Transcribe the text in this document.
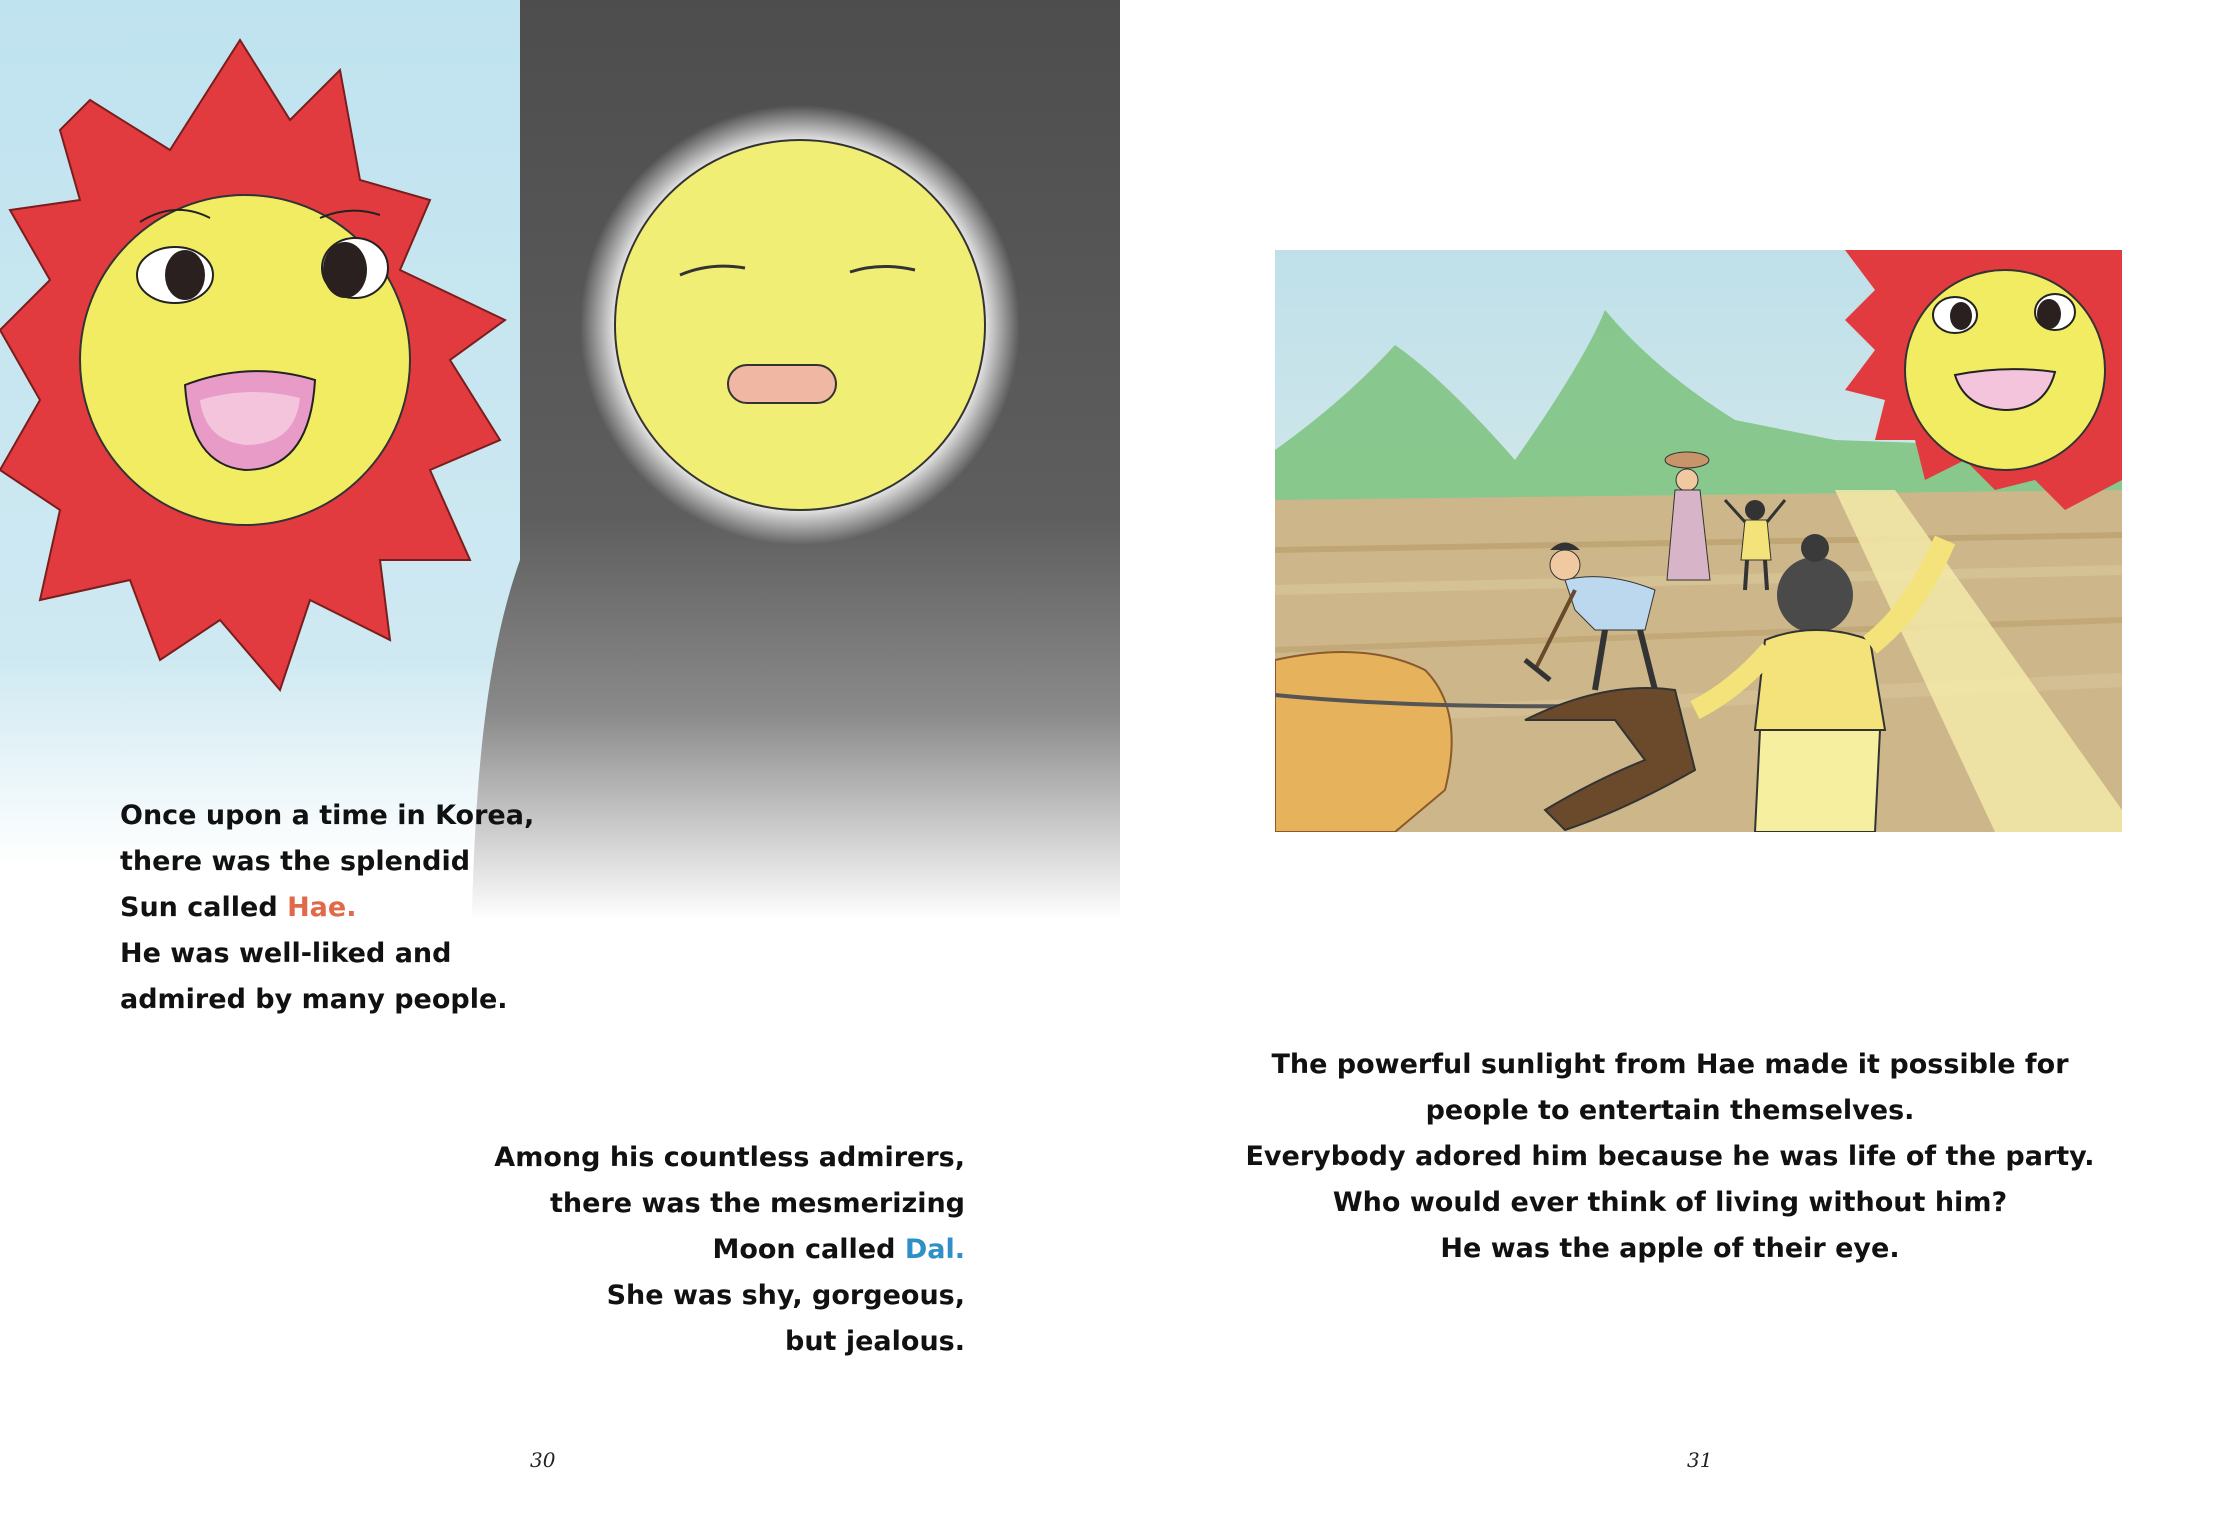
Once upon a time in Korea,
there was the splendid
Sun called Hae.
He was well-liked and
admired by many people.
Among his countless admirers,
there was the mesmerizing
Moon called Dal.
She was shy, gorgeous,
but jealous.
30
The powerful sunlight from Hae made it possible for
people to entertain themselves.
Everybody adored him because he was life of the party.
Who would ever think of living without him?
He was the apple of their eye.
31
